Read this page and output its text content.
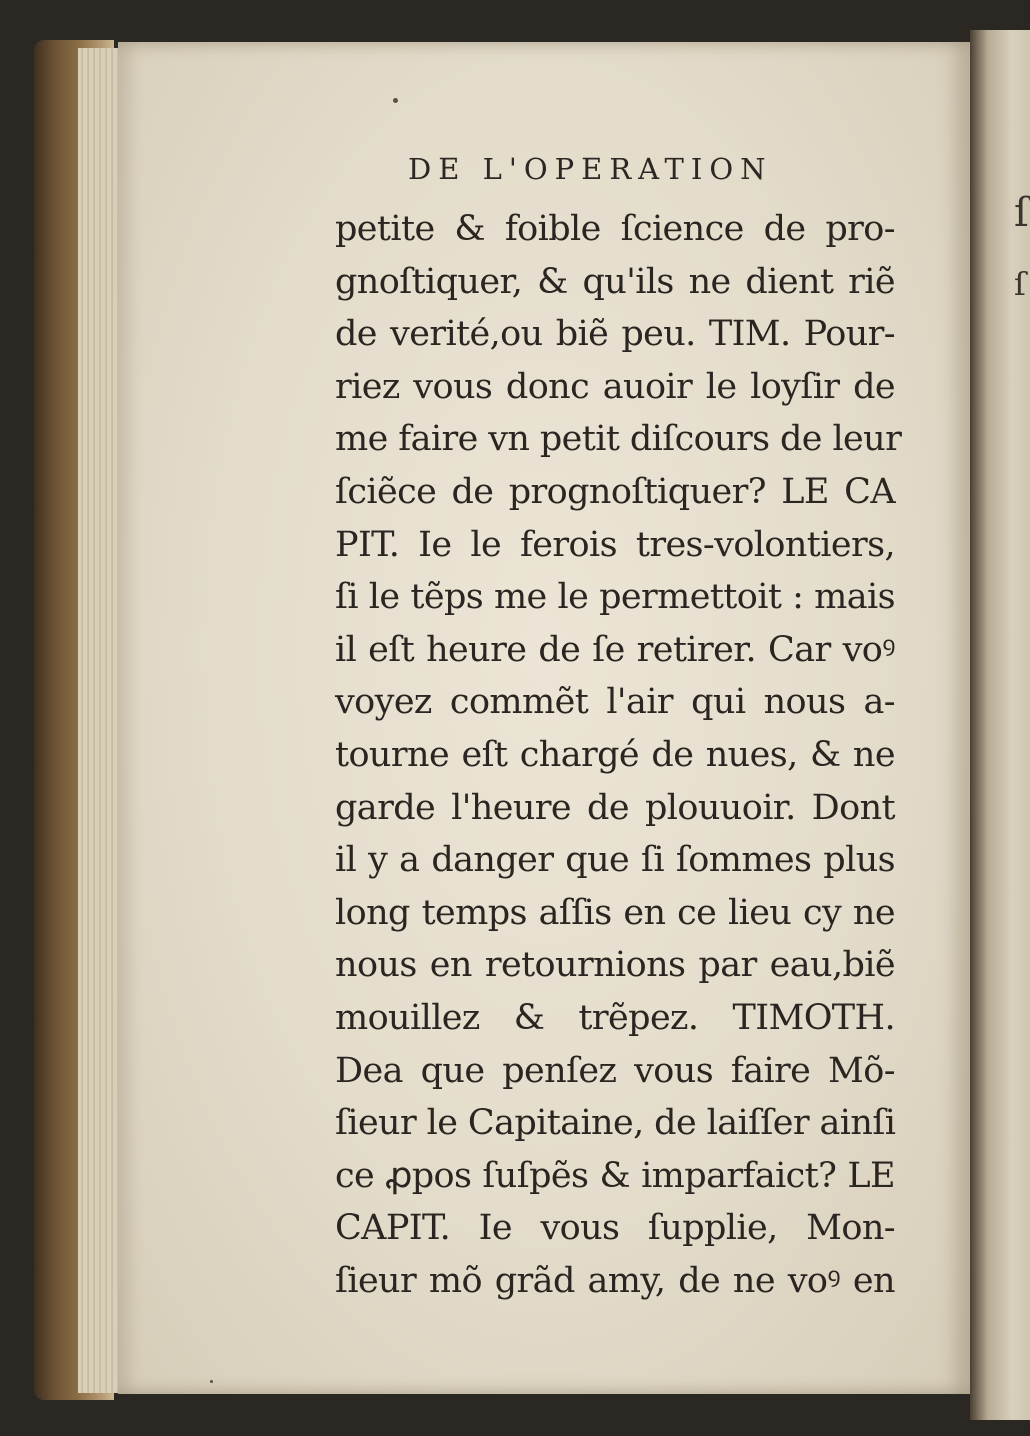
ſ
ſ
DE L'OPERATION
petite & foible ſcience de pro-
gnoſtiquer, & qu'ils ne dient riẽ
de verité,ou biẽ peu. TIM. Pour-
riez vous donc auoir le loyſir de
me faire vn petit diſcours de leur
ſciẽce de prognoſtiquer? LE CA
PIT. Ie le ferois tres-volontiers,
ſi le tẽps me le permettoit : mais
il eſt heure de ſe retirer. Car voꝰ
voyez commẽt l'air qui nous a-
tourne eſt chargé de nues, & ne
garde l'heure de plouuoir. Dont
il y a danger que ſi ſommes plus
long temps aſſis en ce lieu cy ne
nous en retournions par eau,biẽ
mouillez & trẽpez. TIMOTH.
Dea que penſez vous faire Mõ-
ſieur le Capitaine, de laiſſer ainſi
ce ꝓpos ſuſpẽs & imparfaict? LE
CAPIT. Ie vous ſupplie, Mon-
ſieur mõ grãd amy, de ne voꝰ en
